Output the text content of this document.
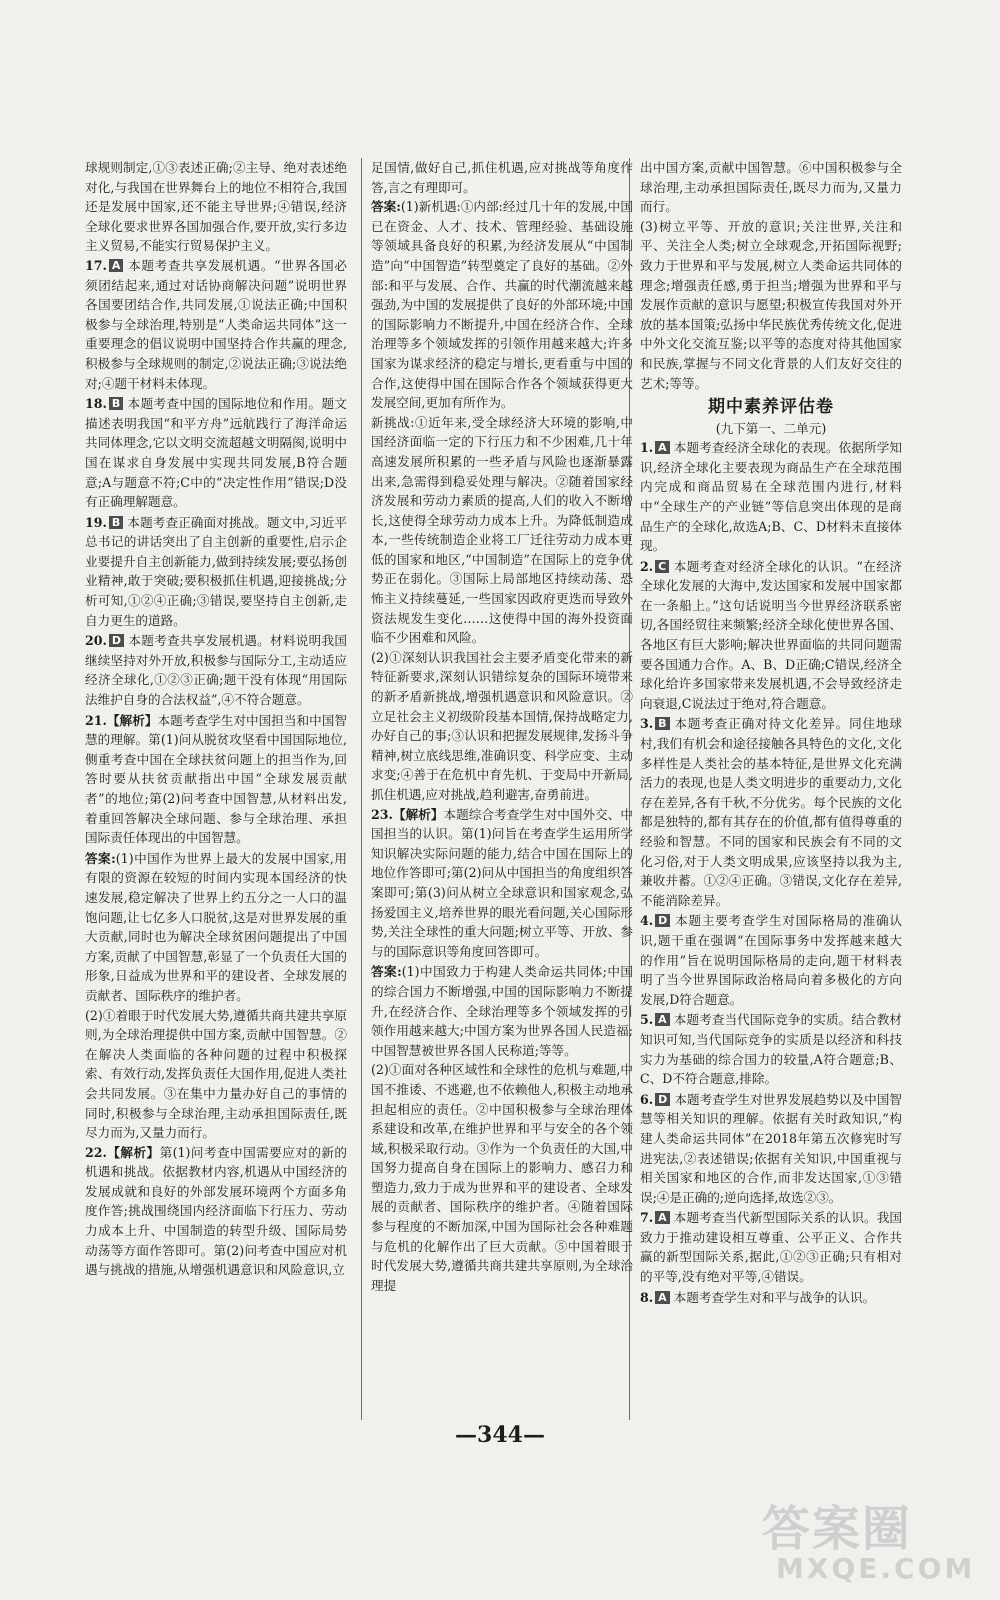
球规则制定,①③表述正确;②主导、绝对表述绝对化,与我国在世界舞台上的地位不相符合,我国还是发展中国家,还不能主导世界;④错误,经济全球化要求世界各国加强合作,要开放,实行多边主义贸易,不能实行贸易保护主义。

17. A 本题考查共享发展机遇。“世界各国必须团结起来,通过对话协商解决问题”说明世界各国要团结合作,共同发展,①说法正确;中国积极参与全球治理,特别是“人类命运共同体”这一重要理念的倡议说明中国坚持合作共赢的理念,积极参与全球规则的制定,②说法正确;③说法绝对;④题干材料未体现。

18. B 本题考查中国的国际地位和作用。题文描述表明我国“和平方舟”远航践行了海洋命运共同体理念,它以文明交流超越文明隔阂,说明中国在谋求自身发展中实现共同发展,B符合题意;A与题意不符;C中的“决定性作用”错误;D没有正确理解题意。

19. B 本题考查正确面对挑战。题文中,习近平总书记的讲话突出了自主创新的重要性,启示企业要提升自主创新能力,做到持续发展;要弘扬创业精神,敢于突破;要积极抓住机遇,迎接挑战;分析可知,①②④正确;③错误,要坚持自主创新,走自力更生的道路。

20. D 本题考查共享发展机遇。材料说明我国继续坚持对外开放,积极参与国际分工,主动适应经济全球化,①②③正确;题干没有体现“用国际法维护自身的合法权益”,④不符合题意。

21.【解析】本题考查学生对中国担当和中国智慧的理解。第(1)问从脱贫攻坚看中国国际地位,侧重考查中国在全球扶贫问题上的担当作为,回答时要从扶贫贡献指出中国“全球发展贡献者”的地位;第(2)问考查中国智慧,从材料出发,着重回答解决全球问题、参与全球治理、承担国际责任体现出的中国智慧。

答案:(1)中国作为世界上最大的发展中国家,用有限的资源在较短的时间内实现本国经济的快速发展,稳定解决了世界上约五分之一人口的温饱问题,让七亿多人口脱贫,这是对世界发展的重大贡献,同时也为解决全球贫困问题提出了中国方案,贡献了中国智慧,彰显了一个负责任大国的形象,日益成为世界和平的建设者、全球发展的贡献者、国际秩序的维护者。

(2)①着眼于时代发展大势,遵循共商共建共享原则,为全球治理提供中国方案,贡献中国智慧。②在解决人类面临的各种问题的过程中积极探索、有效行动,发挥负责任大国作用,促进人类社会共同发展。③在集中力量办好自己的事情的同时,积极参与全球治理,主动承担国际责任,既尽力而为,又量力而行。

22.【解析】第(1)问考查中国需要应对的新的机遇和挑战。依据教材内容,机遇从中国经济的发展成就和良好的外部发展环境两个方面多角度作答;挑战围绕国内经济面临下行压力、劳动力成本上升、中国制造的转型升级、国际局势动荡等方面作答即可。第(2)问考查中国应对机遇与挑战的措施,从增强机遇意识和风险意识,立

足国情,做好自己,抓住机遇,应对挑战等角度作答,言之有理即可。

答案:(1)新机遇:①内部:经过几十年的发展,中国已在资金、人才、技术、管理经验、基础设施等领域具备良好的积累,为经济发展从“中国制造”向“中国智造”转型奠定了良好的基础。②外部:和平与发展、合作、共赢的时代潮流越来越强劲,为中国的发展提供了良好的外部环境;中国的国际影响力不断提升,中国在经济合作、全球治理等多个领域发挥的引领作用越来越大;许多国家为谋求经济的稳定与增长,更看重与中国的合作,这使得中国在国际合作各个领域获得更大发展空间,更加有所作为。

新挑战:①近年来,受全球经济大环境的影响,中国经济面临一定的下行压力和不少困难,几十年高速发展所积累的一些矛盾与风险也逐渐暴露出来,急需得到稳妥处理与解决。②随着国家经济发展和劳动力素质的提高,人们的收入不断增长,这使得全球劳动力成本上升。为降低制造成本,一些传统制造企业将工厂迁往劳动力成本更低的国家和地区,“中国制造”在国际上的竞争优势正在弱化。③国际上局部地区持续动荡、恐怖主义持续蔓延,一些国家因政府更迭而导致外资法规发生变化……这使得中国的海外投资面临不少困难和风险。

(2)①深刻认识我国社会主要矛盾变化带来的新特征新要求,深刻认识错综复杂的国际环境带来的新矛盾新挑战,增强机遇意识和风险意识。②立足社会主义初级阶段基本国情,保持战略定力,办好自己的事;③认识和把握发展规律,发扬斗争精神,树立底线思维,准确识变、科学应变、主动求变;④善于在危机中育先机、于变局中开新局,抓住机遇,应对挑战,趋利避害,奋勇前进。

23.【解析】本题综合考查学生对中国外交、中国担当的认识。第(1)问旨在考查学生运用所学知识解决实际问题的能力,结合中国在国际上的地位作答即可;第(2)问从中国担当的角度组织答案即可;第(3)问从树立全球意识和国家观念,弘扬爱国主义,培养世界的眼光看问题,关心国际形势,关注全球性的重大问题;树立平等、开放、参与的国际意识等角度回答即可。

答案:(1)中国致力于构建人类命运共同体;中国的综合国力不断增强,中国的国际影响力不断提升,在经济合作、全球治理等多个领域发挥的引领作用越来越大;中国方案为世界各国人民造福;中国智慧被世界各国人民称道;等等。

(2)①面对各种区域性和全球性的危机与难题,中国不推诿、不逃避,也不依赖他人,积极主动地承担起相应的责任。②中国积极参与全球治理体系建设和改革,在维护世界和平与安全的各个领域,积极采取行动。③作为一个负责任的大国,中国努力提高自身在国际上的影响力、感召力和塑造力,致力于成为世界和平的建设者、全球发展的贡献者、国际秩序的维护者。④随着国际参与程度的不断加深,中国为国际社会各种难题与危机的化解作出了巨大贡献。⑤中国着眼于时代发展大势,遵循共商共建共享原则,为全球治理提

出中国方案,贡献中国智慧。⑥中国积极参与全球治理,主动承担国际责任,既尽力而为,又量力而行。

(3)树立平等、开放的意识;关注世界,关注和平、关注全人类;树立全球观念,开拓国际视野;致力于世界和平与发展,树立人类命运共同体的理念;增强责任感,勇于担当;增强为世界和平与发展作贡献的意识与愿望;积极宣传我国对外开放的基本国策;弘扬中华民族优秀传统文化,促进中外文化交流互鉴;以平等的态度对待其他国家和民族,掌握与不同文化背景的人们友好交往的艺术;等等。

期中素养评估卷
(九下第一、二单元)

1. A 本题考查经济全球化的表现。依据所学知识,经济全球化主要表现为商品生产在全球范围内完成和商品贸易在全球范围内进行,材料中“全球生产的产业链”等信息突出体现的是商品生产的全球化,故选A;B、C、D材料未直接体现。

2. C 本题考查对经济全球化的认识。“在经济全球化发展的大海中,发达国家和发展中国家都在一条船上。”这句话说明当今世界经济联系密切,各国经贸往来频繁;经济全球化使世界各国、各地区有巨大影响;解决世界面临的共同问题需要各国通力合作。A、B、D正确;C错误,经济全球化给许多国家带来发展机遇,不会导致经济走向衰退,C说法过于绝对,符合题意。

3. B 本题考查正确对待文化差异。同住地球村,我们有机会和途径接触各具特色的文化,文化多样性是人类社会的基本特征,是世界文化充满活力的表现,也是人类文明进步的重要动力,文化存在差异,各有千秋,不分优劣。每个民族的文化都是独特的,都有其存在的价值,都有值得尊重的经验和智慧。不同的国家和民族会有不同的文化习俗,对于人类文明成果,应该坚持以我为主,兼收并蓄。①②④正确。③错误,文化存在差异,不能消除差异。

4. D 本题主要考查学生对国际格局的准确认识,题干重在强调“在国际事务中发挥越来越大的作用”旨在说明国际格局的走向,题干材料表明了当今世界国际政治格局向着多极化的方向发展,D符合题意。

5. A 本题考查当代国际竞争的实质。结合教材知识可知,当代国际竞争的实质是以经济和科技实力为基础的综合国力的较量,A符合题意;B、C、D不符合题意,排除。

6. D 本题考查学生对世界发展趋势以及中国智慧等相关知识的理解。依据有关时政知识,“构建人类命运共同体”在2018年第五次修宪时写进宪法,②表述错误;依据有关知识,中国重视与相关国家和地区的合作,而非发达国家,①③错误;④是正确的;逆向选择,故选②③。

7. A 本题考查当代新型国际关系的认识。我国致力于推动建设相互尊重、公平正义、合作共赢的新型国际关系,据此,①②③正确;只有相对的平等,没有绝对平等,④错误。

8. A 本题考查学生对和平与战争的认识。

—344—
答案圈
MXQE.COM
